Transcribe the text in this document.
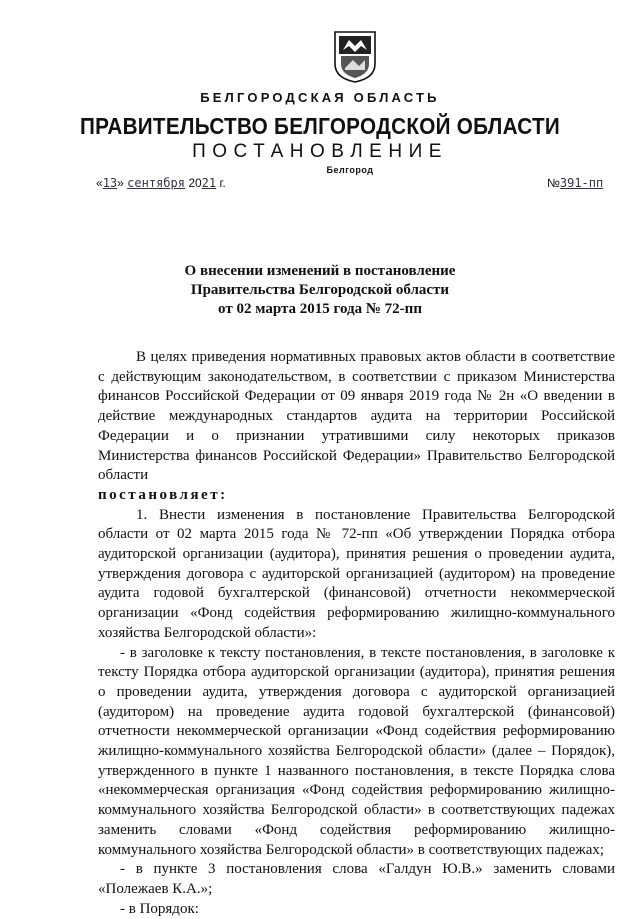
БЕЛГОРОДСКАЯ ОБЛАСТЬ
ПРАВИТЕЛЬСТВО БЕЛГОРОДСКОЙ ОБЛАСТИ
ПОСТАНОВЛЕНИЕ
Белгород
«13» сентября 2021 г.	№391-пп
О внесении изменений в постановление
Правительства Белгородской области
от 02 марта 2015 года № 72-пп

В целях приведения нормативных правовых актов области в соответствие с действующим законодательством, в соответствии с приказом Министерства финансов Российской Федерации от 09 января 2019 года № 2н «О введении в действие международных стандартов аудита на территории Российской Федерации и о признании утратившими силу некоторых приказов Министерства финансов Российской Федерации» Правительство Белгородской области

постановляет:

1. Внести изменения в постановление Правительства Белгородской области от 02 марта 2015 года № 72-пп «Об утверждении Порядка отбора аудиторской организации (аудитора), принятия решения о проведении аудита, утверждения договора с аудиторской организацией (аудитором) на проведение аудита годовой бухгалтерской (финансовой) отчетности некоммерческой организации «Фонд содействия реформированию жилищно-коммунального хозяйства Белгородской области»:

- в заголовке к тексту постановления, в тексте постановления, в заголовке к тексту Порядка отбора аудиторской организации (аудитора), принятия решения о проведении аудита, утверждения договора с аудиторской организацией (аудитором) на проведение аудита годовой бухгалтерской (финансовой) отчетности некоммерческой организации «Фонд содействия реформированию жилищно-коммунального хозяйства Белгородской области» (далее – Порядок), утвержденного в пункте 1 названного постановления, в тексте Порядка слова «некоммерческая организация «Фонд содействия реформированию жилищно-коммунального хозяйства Белгородской области» в соответствующих падежах заменить словами «Фонд содействия реформированию жилищно-коммунального хозяйства Белгородской области» в соответствующих падежах;

- в пункте 3 постановления слова «Галдун Ю.В.» заменить словами «Полежаев К.А.»;

- в Порядок:
